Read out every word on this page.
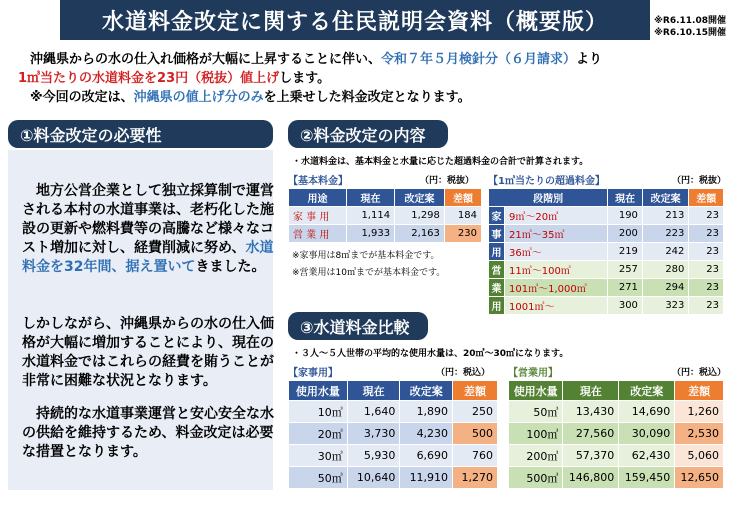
水道料金改定に関する住民説明会資料（概要版）	※R6.11.08開催
※R6.10.15開催
沖縄県からの水の仕入れ価格が大幅に上昇することに伴い、令和７年５月検針分（６月請求）より
1㎥当たりの水道料金を23円（税抜）値上げします。
※今回の改定は、沖縄県の値上げ分のみを上乗せした料金改定となります。
①料金改定の必要性
地方公営企業として独立採算制で運営される本村の水道事業は、老朽化した施設の更新や燃料費等の高騰など様々なコスト増加に対し、経費削減に努め、水道料金を32年間、据え置いてきました。
しかしながら、沖縄県からの水の仕入価格が大幅に増加することにより、現在の水道料金ではこれらの経費を賄うことが非常に困難な状況となります。
持続的な水道事業運営と安心安全な水の供給を維持するため、料金改定は必要な措置となります。
②料金改定の内容
・水道料金は、基本料金と水量に応じた超過料金の合計で計算されます。
【基本料金】	（円：税抜）
用途	現在	改定案	差額
家 事 用	1,114	1,298	184
営 業 用	1,933	2,163	230
※家事用は8㎥までが基本料金です。
※営業用は10㎥までが基本料金です。
【1㎥当たりの超過料金】	（円：税抜）
段階別		現在	改定案	差額
家	9㎥〜20㎥	190	213	23
事	21㎥〜35㎥	200	223	23
用	36㎥〜	219	242	23
営	11㎥〜100㎥	257	280	23
業	101㎥〜1,000㎥	271	294	23
用	1001㎥〜	300	323	23
③水道料金比較
・３人〜５人世帯の平均的な使用水量は、20㎥〜30㎥になります。
【家事用】	（円：税込）
使用水量	現在	改定案	差額
10㎥	1,640	1,890	250
20㎥	3,730	4,230	500
30㎥	5,930	6,690	760
50㎥	10,640	11,910	1,270
【営業用】	（円：税込）
使用水量	現在	改定案	差額
50㎥	13,430	14,690	1,260
100㎥	27,560	30,090	2,530
200㎥	57,370	62,430	5,060
500㎥	146,800	159,450	12,650
